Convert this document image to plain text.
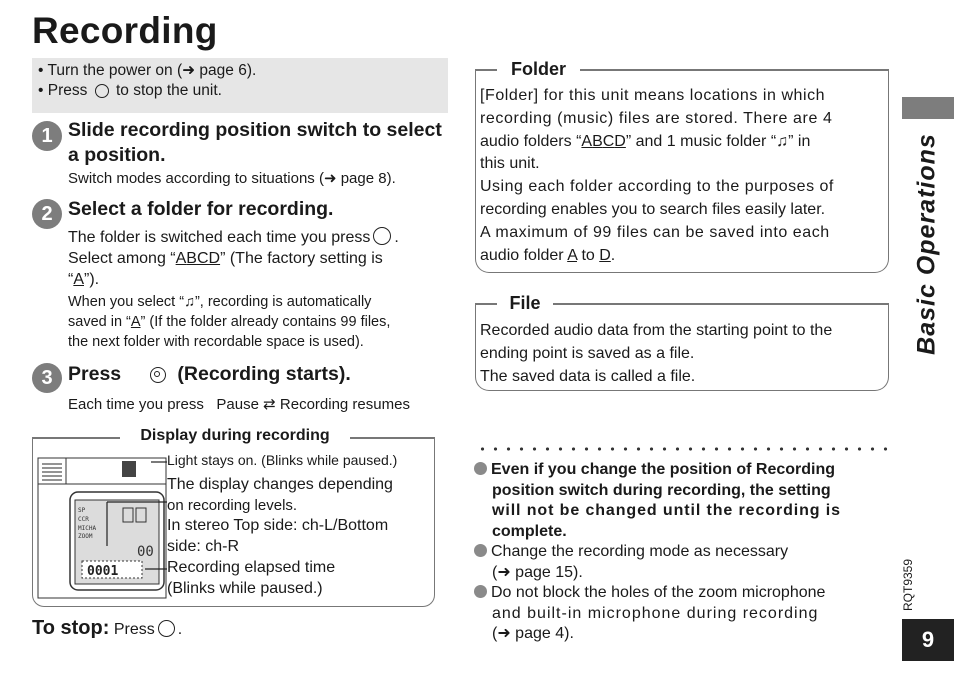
Recording
• Turn the power on (➜ page 6).
• Press to stop the unit.
1 Slide recording position switch to select a position.
Switch modes according to situations (➜ page 8).
2 Select a folder for recording.
The folder is switched each time you press .
Select among “ABCD” (The factory setting is
“A”).
When you select “♫”, recording is automatically
saved in “A” (If the folder already contains 99 files,
the next folder with recordable space is used).
3 Press	(Recording starts).
Each time you press Pause ⇄ Recording resumes
Display during recording
SP
CCR
MICHA
ZOOM
00
0001
Light stays on. (Blinks while paused.)
The display changes depending
on recording levels.
In stereo Top side: ch-L/Bottom
side: ch-R
Recording elapsed time
(Blinks while paused.)
To stop: Press .
Folder
[Folder] for this unit means locations in which
recording (music) files are stored. There are 4
audio folders “ABCD” and 1 music folder “♫” in
this unit.
Using each folder according to the purposes of
recording enables you to search files easily later.
A maximum of 99 files can be saved into each
audio folder A to D.
File
Recorded audio data from the starting point to the
ending point is saved as a file.
The saved data is called a file.
Even if you change the position of Recording
position switch during recording, the setting
will not be changed until the recording is
complete.
Change the recording mode as necessary
(➜ page 15).
Do not block the holes of the zoom microphone
and built-in microphone during recording
(➜ page 4).
Basic Operations
RQT9359
9
